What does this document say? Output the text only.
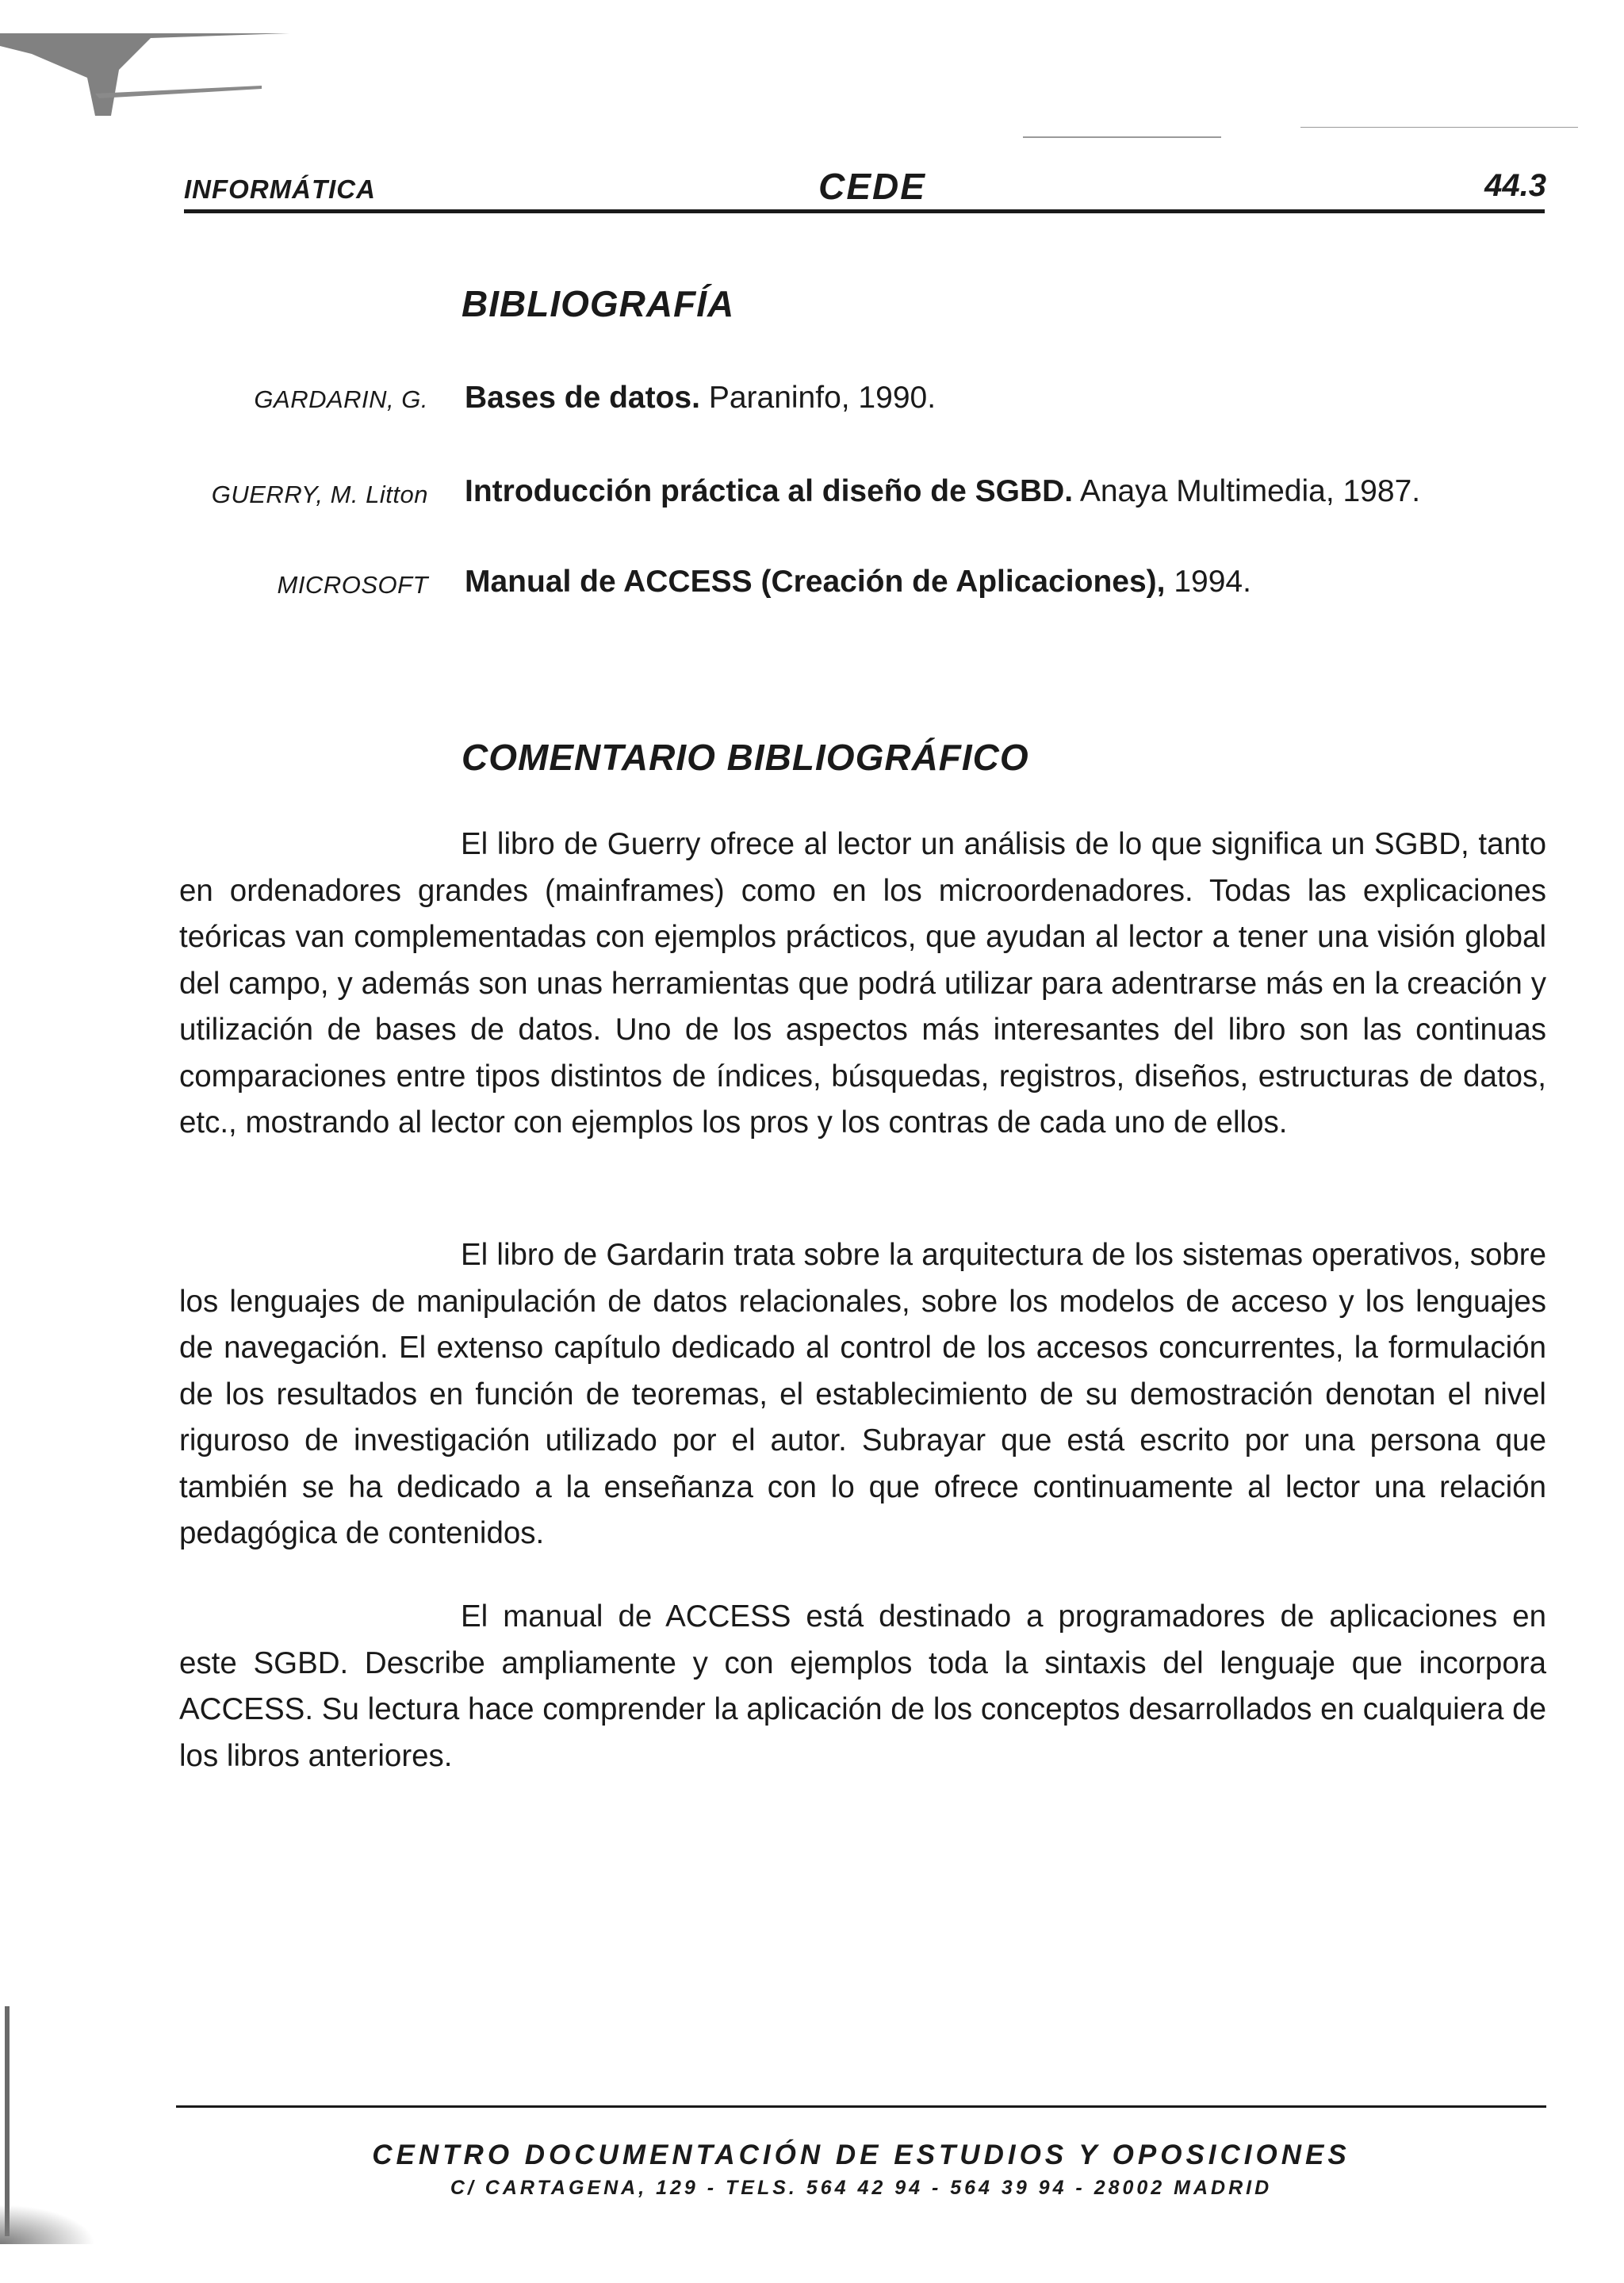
INFORMÁTICA	CEDE	44.3
BIBLIOGRAFÍA
GARDARIN, G. Bases de datos. Paraninfo, 1990.
GUERRY, M. Litton Introducción práctica al diseño de SGBD. Anaya Multimedia, 1987.
MICROSOFT Manual de ACCESS (Creación de Aplicaciones), 1994.
COMENTARIO BIBLIOGRÁFICO

El libro de Guerry ofrece al lector un análisis de lo que significa un SGBD, tanto en ordenadores grandes (mainframes) como en los microordenadores. Todas las explicaciones teóricas van complementadas con ejemplos prácticos, que ayudan al lector a tener una visión global del campo, y además son unas herramientas que podrá utilizar para adentrarse más en la creación y utilización de bases de datos. Uno de los aspectos más interesantes del libro son las continuas comparaciones entre tipos distintos de índices, búsquedas, registros, diseños, estructuras de datos, etc., mostrando al lector con ejemplos los pros y los contras de cada uno de ellos.

El libro de Gardarin trata sobre la arquitectura de los sistemas operativos, sobre los lenguajes de manipulación de datos relacionales, sobre los modelos de acceso y los lenguajes de navegación. El extenso capítulo dedicado al control de los accesos concurrentes, la formulación de los resultados en función de teoremas, el establecimiento de su demostración denotan el nivel riguroso de investigación utilizado por el autor. Subrayar que está escrito por una persona que también se ha dedicado a la enseñanza con lo que ofrece continuamente al lector una relación pedagógica de contenidos.

El manual de ACCESS está destinado a programadores de aplicaciones en este SGBD. Describe ampliamente y con ejemplos toda la sintaxis del lenguaje que incorpora ACCESS. Su lectura hace comprender la aplicación de los conceptos desarrollados en cualquiera de los libros anteriores.

CENTRO DOCUMENTACIÓN DE ESTUDIOS Y OPOSICIONES
C/ CARTAGENA, 129 - TELS. 564 42 94 - 564 39 94 - 28002 MADRID
